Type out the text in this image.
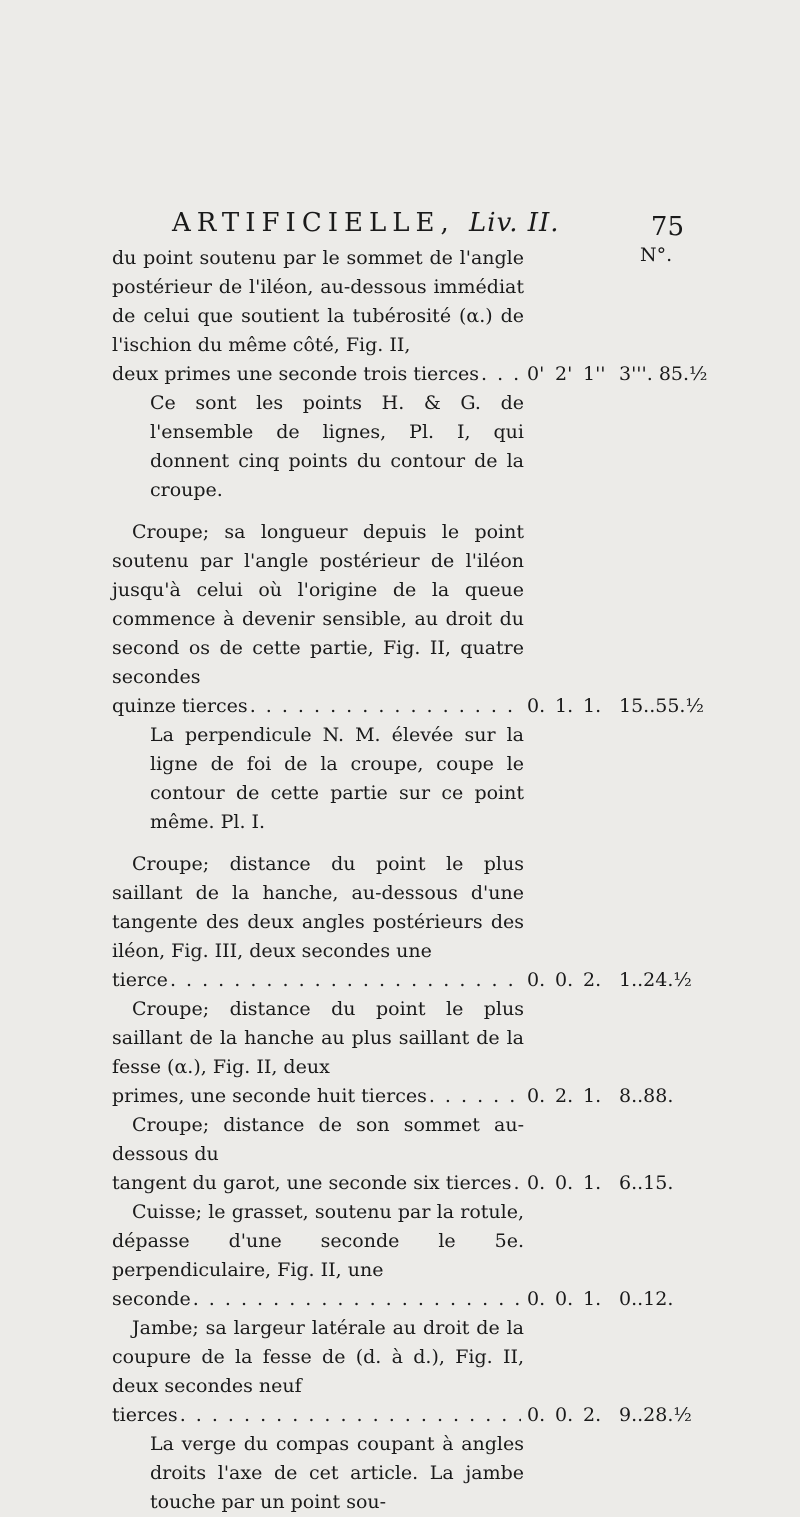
ARTIFICIELLE, Liv. II.	75
N°.

du point soutenu par le sommet de l'angle postérieur de l'iléon, au-dessous immédiat de celui que soutient la tubérosité (α.) de l'ischion du même côté, Fig. II,

deux primes une seconde trois tierces . . .	0' 2' 1'' 3'''. 85.½

Ce sont les points H. & G. de l'ensemble de lignes, Pl. I, qui donnent cinq points du contour de la croupe.

Croupe; sa longueur depuis le point soutenu par l'angle postérieur de l'iléon jusqu'à celui où l'origine de la queue commence à devenir sensible, au droit du second os de cette partie, Fig. II, quatre secondes

quinze tierces . . .	0. 1. 1. 15..55.½

La perpendicule N. M. élevée sur la ligne de foi de la croupe, coupe le contour de cette partie sur ce point même. Pl. I.

Croupe; distance du point le plus saillant de la hanche, au-dessous d'une tangente des deux angles postérieurs des iléon, Fig. III, deux secondes une

tierce . . .	0. 0. 2. 1..24.½

Croupe; distance du point le plus saillant de la hanche au plus saillant de la fesse (α.), Fig. II, deux

primes, une seconde huit tierces . . .	0. 2. 1. 8..88.

Croupe; distance de son sommet au-dessous du

tangent du garot, une seconde six tierces . . . 0. 0. 1. 6..15.

Cuisse; le grasset, soutenu par la rotule, dépasse d'une seconde le 5e. perpendiculaire, Fig. II, une

seconde . . .	0. 0. 1. 0..12.

Jambe; sa largeur latérale au droit de la coupure de la fesse de (d. à d.), Fig. II, deux secondes neuf

tierces . . .	0. 0. 2. 9..28.½

La verge du compas coupant à angles droits l'axe de cet article. La jambe touche par un point sou-
